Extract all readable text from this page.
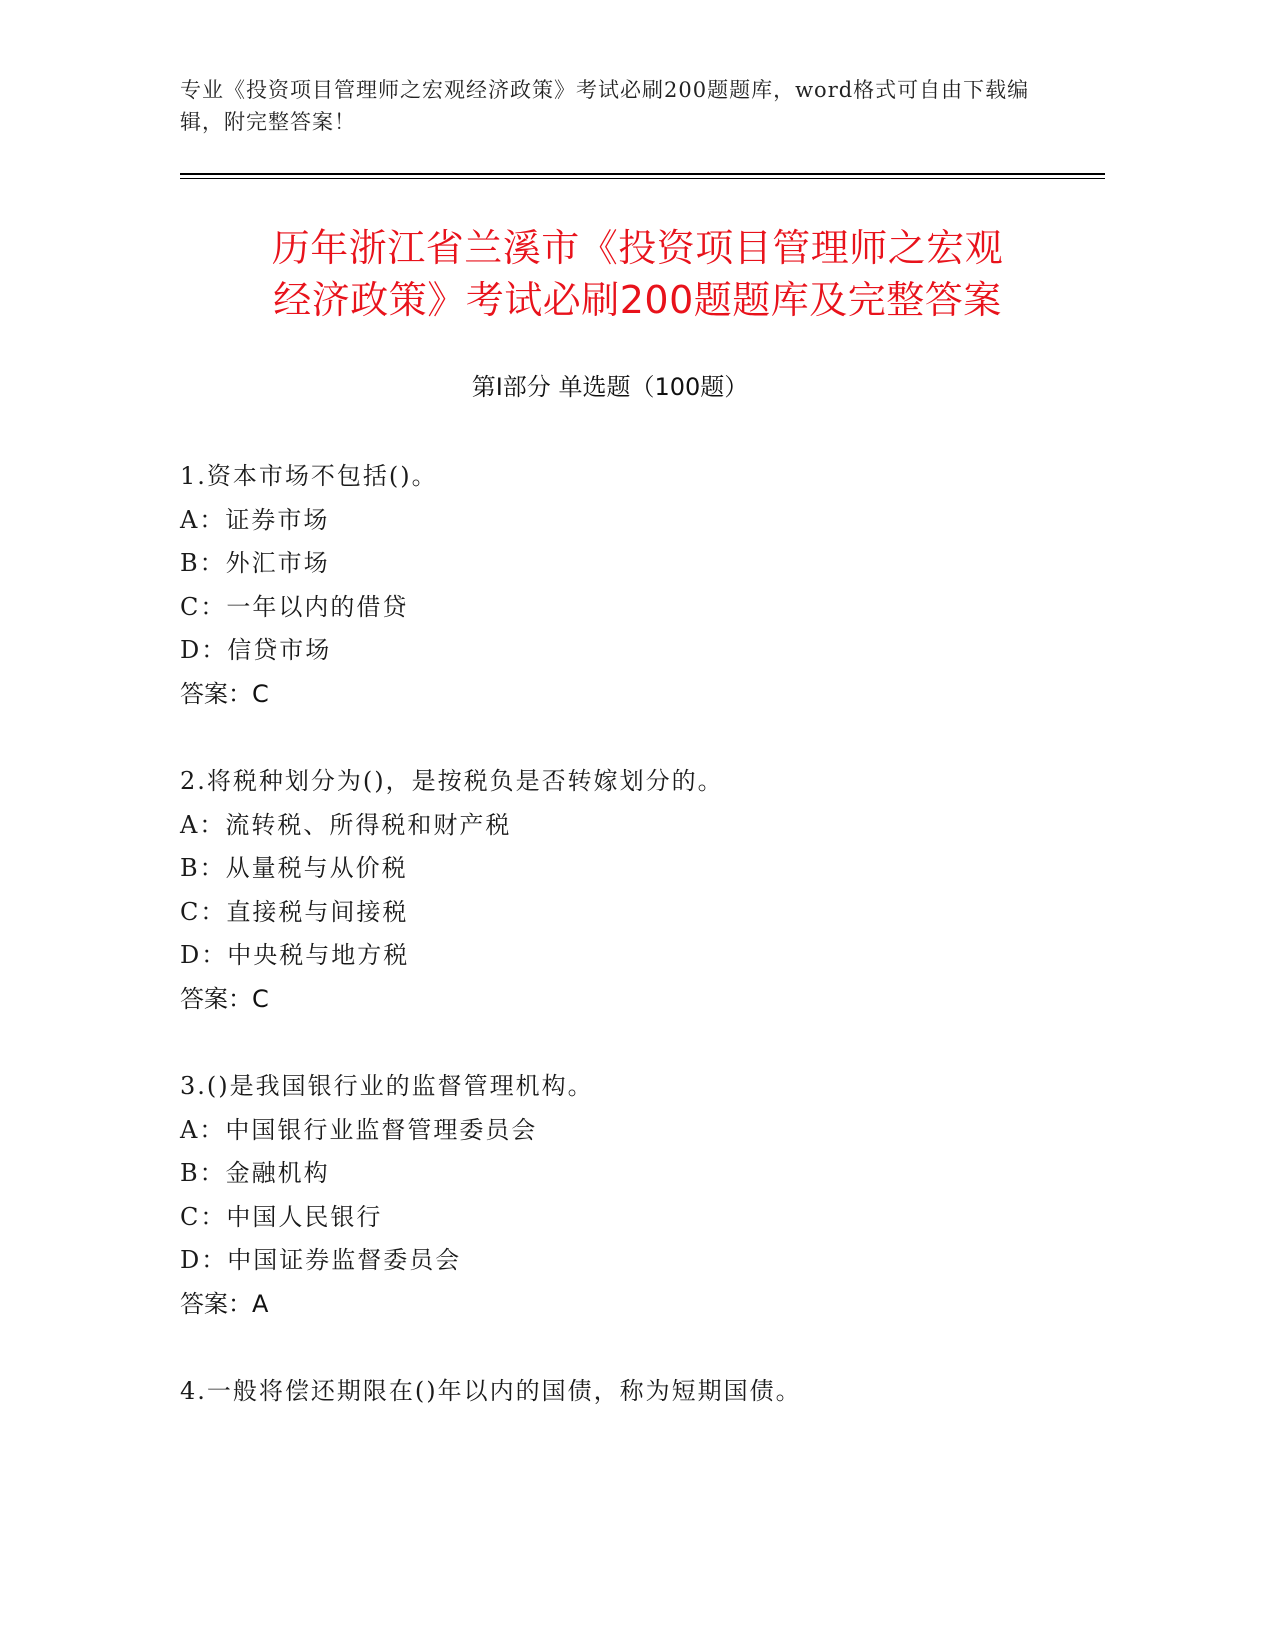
专业《投资项目管理师之宏观经济政策》考试必刷200题题库，word格式可自由下载编辑，附完整答案！
历年浙江省兰溪市《投资项目管理师之宏观
经济政策》考试必刷200题题库及完整答案
第I部分 单选题（100题）
1.资本市场不包括()。
A：证券市场
B：外汇市场
C：一年以内的借贷
D：信贷市场
答案：C
2.将税种划分为()，是按税负是否转嫁划分的。
A：流转税、所得税和财产税
B：从量税与从价税
C：直接税与间接税
D：中央税与地方税
答案：C
3.()是我国银行业的监督管理机构。
A：中国银行业监督管理委员会
B：金融机构
C：中国人民银行
D：中国证券监督委员会
答案：A
4.一般将偿还期限在()年以内的国债，称为短期国债。
